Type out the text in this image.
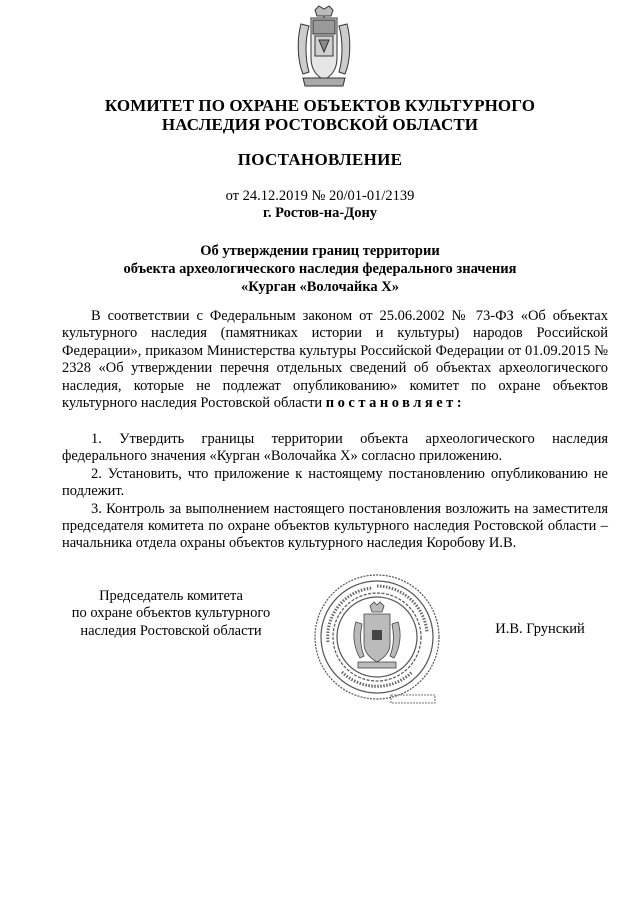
КОМИТЕТ ПО ОХРАНЕ ОБЪЕКТОВ КУЛЬТУРНОГО
НАСЛЕДИЯ РОСТОВСКОЙ ОБЛАСТИ
ПОСТАНОВЛЕНИЕ
от 24.12.2019 № 20/01-01/2139
г. Ростов-на-Дону
Об утверждении границ территории
объекта археологического наследия федерального значения
«Курган «Волочайка Х»
В соответствии с Федеральным законом от 25.06.2002 № 73-ФЗ «Об объектах культурного наследия (памятниках истории и культуры) народов Российской Федерации», приказом Министерства культуры Российской Федерации от 01.09.2015 № 2328 «Об утверждении перечня отдельных сведений об объектах археологического наследия, которые не подлежат опубликованию» комитет по охране объектов культурного наследия Ростовской области постановляет:

1. Утвердить границы территории объекта археологического наследия федерального значения «Курган «Волочайка Х» согласно приложению.

2. Установить, что приложение к настоящему постановлению опубликованию не подлежит.

3. Контроль за выполнением настоящего постановления возложить на заместителя председателя комитета по охране объектов культурного наследия Ростовской области – начальника отдела охраны объектов культурного наследия Коробову И.В.

Председатель комитета
по охране объектов культурного
наследия Ростовской области	И.В. Грунский
